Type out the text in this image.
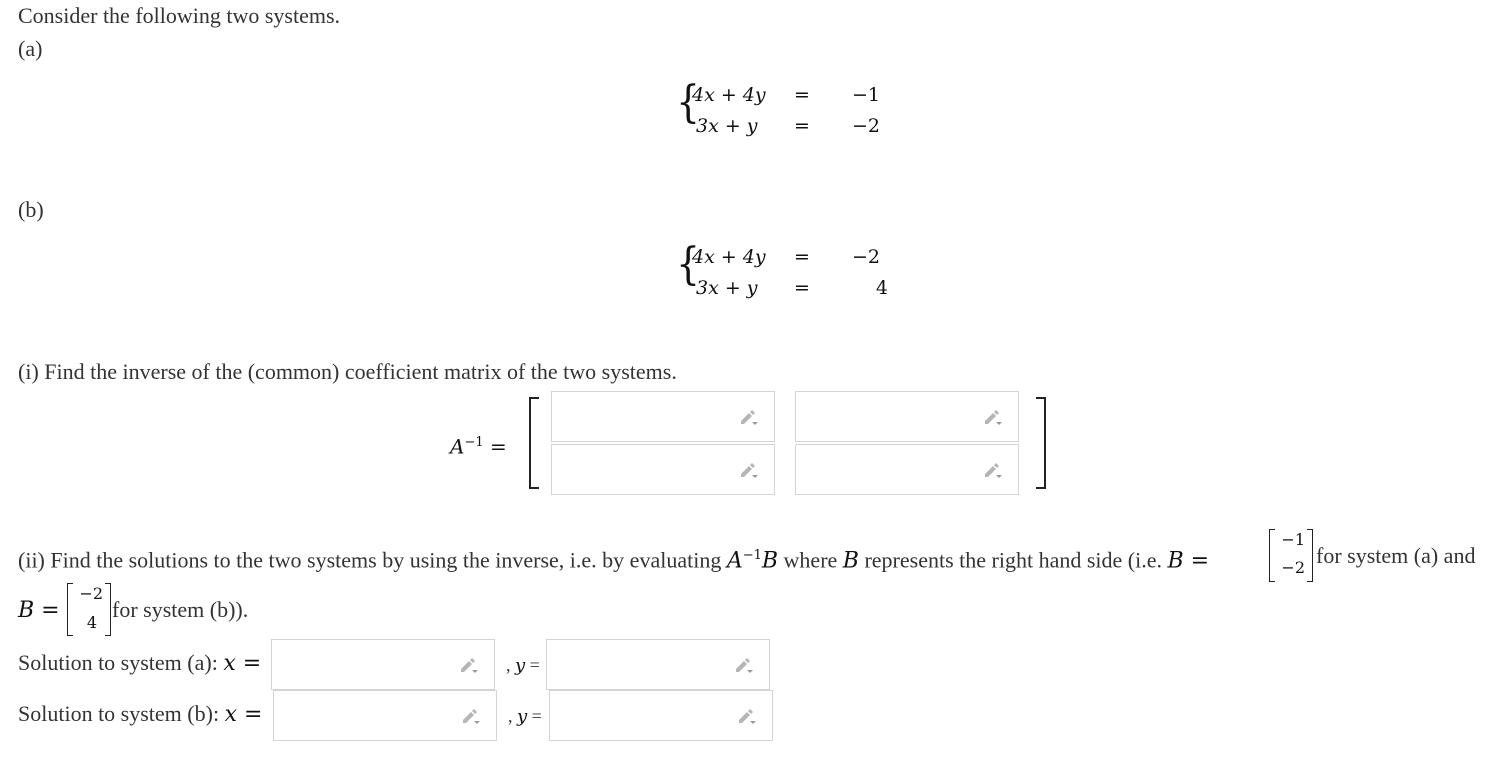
Consider the following two systems.
(a)
{
4x + 4y =	−1
3x + y =	−2
(b)
{
4x + 4y =	−2
3x + y =	4
(i) Find the inverse of the (common) coefficient matrix of the two systems.
$A^{-1}$ =
(ii) Find the solutions to the two systems by using the inverse, i.e. by evaluating $A^{-1}B$ where B represents the right hand side (i.e. B =
−1
−2 for system (a) and
B =
−2
4
for system (b)).
Solution to system (a): x =	, y =
Solution to system (b): x =	, y =
